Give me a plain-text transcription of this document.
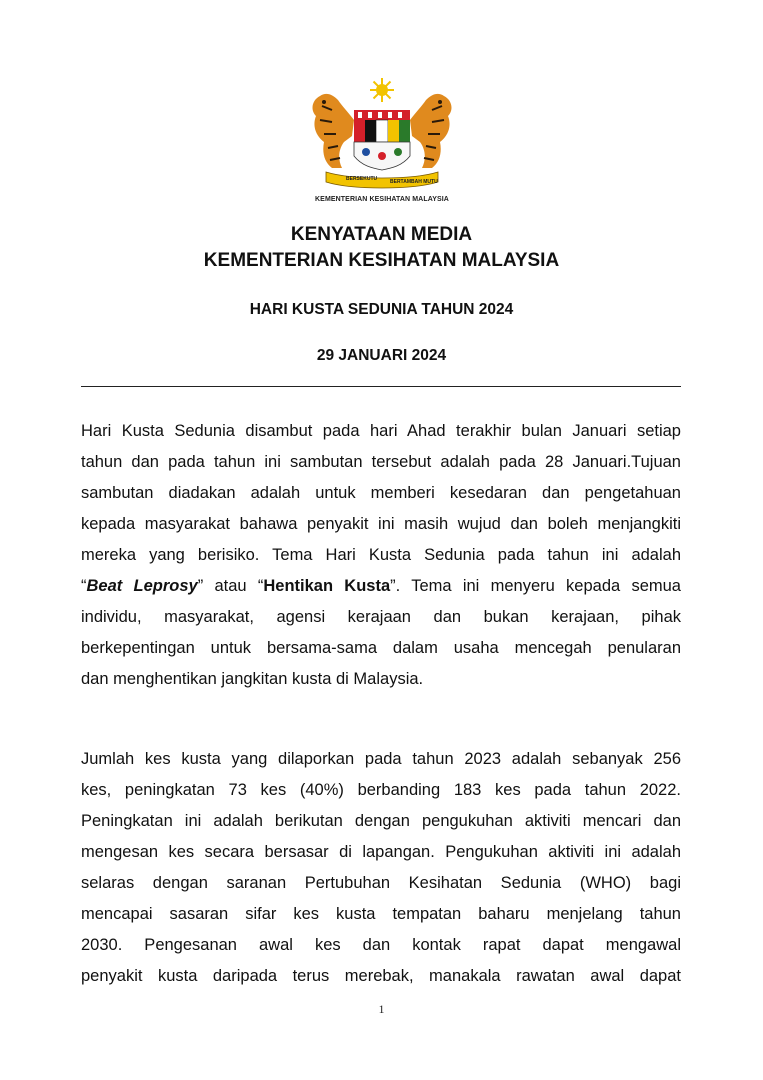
BERSEKUTU	BERTAMBAH MUTU
KEMENTERIAN KESIHATAN MALAYSIA
KENYATAAN MEDIA
KEMENTERIAN KESIHATAN MALAYSIA
HARI KUSTA SEDUNIA TAHUN 2024
29 JANUARI 2024
Hari Kusta Sedunia disambut pada hari Ahad terakhir bulan Januari setiap
tahun dan pada tahun ini sambutan tersebut adalah pada 28 Januari.Tujuan
sambutan diadakan adalah untuk memberi kesedaran dan pengetahuan
kepada masyarakat bahawa penyakit ini masih wujud dan boleh menjangkiti
mereka yang berisiko. Tema Hari Kusta Sedunia pada tahun ini adalah
“Beat Leprosy” atau “Hentikan Kusta”. Tema ini menyeru kepada semua
individu, masyarakat, agensi kerajaan dan bukan kerajaan, pihak
berkepentingan untuk bersama-sama dalam usaha mencegah penularan
dan menghentikan jangkitan kusta di Malaysia.
Jumlah kes kusta yang dilaporkan pada tahun 2023 adalah sebanyak 256
kes, peningkatan 73 kes (40%) berbanding 183 kes pada tahun 2022.
Peningkatan ini adalah berikutan dengan pengukuhan aktiviti mencari dan
mengesan kes secara bersasar di lapangan. Pengukuhan aktiviti ini adalah
selaras dengan saranan Pertubuhan Kesihatan Sedunia (WHO) bagi
mencapai sasaran sifar kes kusta tempatan baharu menjelang tahun
2030. Pengesanan awal kes dan kontak rapat dapat mengawal
penyakit kusta daripada terus merebak, manakala rawatan awal dapat
1
